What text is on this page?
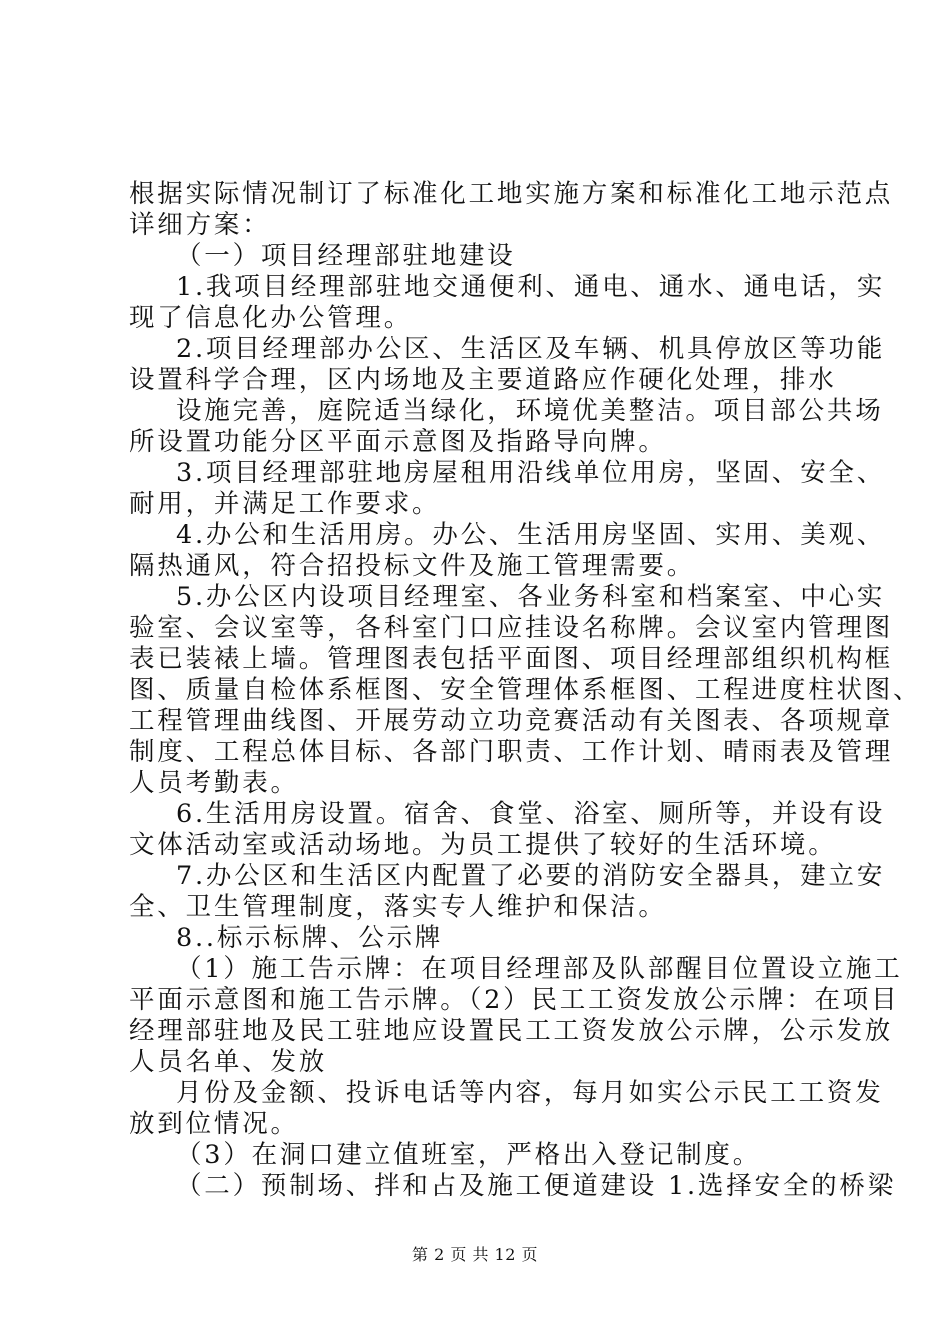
根据实际情况制订了标准化工地实施方案和标准化工地示范点
详细方案：
（一）项目经理部驻地建设
1.我项目经理部驻地交通便利、通电、通水、通电话，实
现了信息化办公管理。
2.项目经理部办公区、生活区及车辆、机具停放区等功能
设置科学合理，区内场地及主要道路应作硬化处理，排水
设施完善，庭院适当绿化，环境优美整洁。项目部公共场
所设置功能分区平面示意图及指路导向牌。
3.项目经理部驻地房屋租用沿线单位用房，坚固、安全、
耐用，并满足工作要求。
4.办公和生活用房。办公、生活用房坚固、实用、美观、
隔热通风，符合招投标文件及施工管理需要。
5.办公区内设项目经理室、各业务科室和档案室、中心实
验室、会议室等，各科室门口应挂设名称牌。会议室内管理图
表已装裱上墙。管理图表包括平面图、项目经理部组织机构框
图、质量自检体系框图、安全管理体系框图、工程进度柱状图、
工程管理曲线图、开展劳动立功竞赛活动有关图表、各项规章
制度、工程总体目标、各部门职责、工作计划、晴雨表及管理
人员考勤表。
6.生活用房设置。宿舍、食堂、浴室、厕所等，并设有设
文体活动室或活动场地。为员工提供了较好的生活环境。
7.办公区和生活区内配置了必要的消防安全器具，建立安
全、卫生管理制度，落实专人维护和保洁。
8..标示标牌、公示牌
（1）施工告示牌：在项目经理部及队部醒目位置设立施工
平面示意图和施工告示牌。（2）民工工资发放公示牌：在项目
经理部驻地及民工驻地应设置民工工资发放公示牌，公示发放
人员名单、发放
月份及金额、投诉电话等内容，每月如实公示民工工资发
放到位情况。
（3）在洞口建立值班室，严格出入登记制度。
（二）预制场、拌和占及施工便道建设 1.选择安全的桥梁
第 2 页 共 12 页
